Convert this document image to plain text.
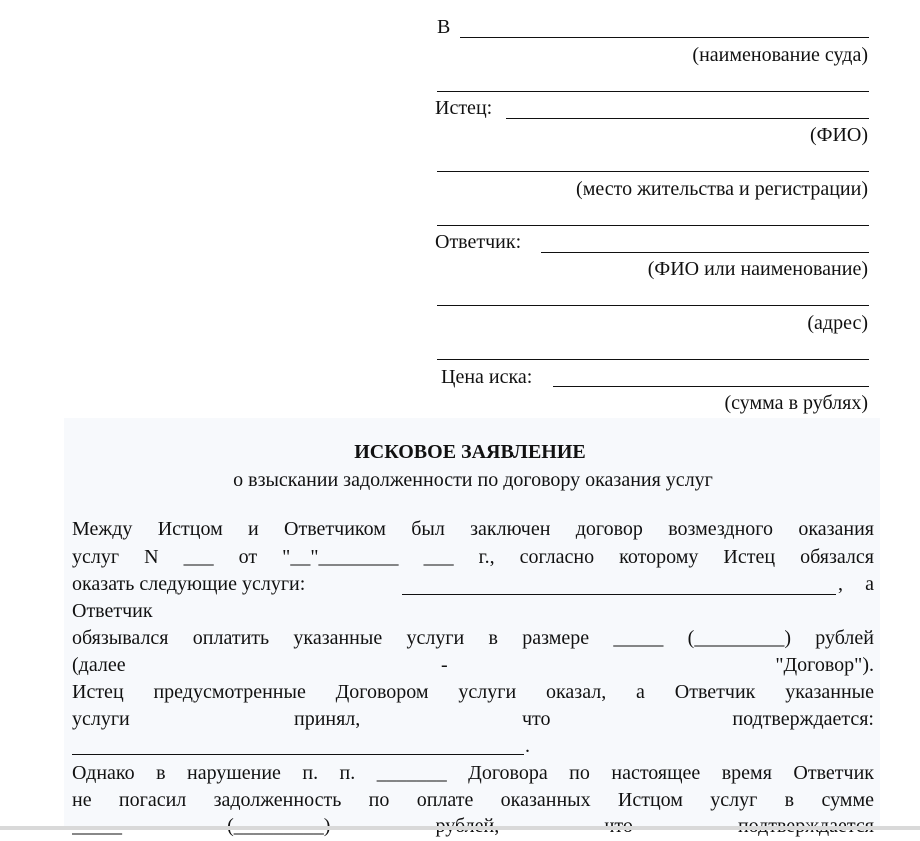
В
(наименование суда)
Истец:
(ФИО)
(место жительства и регистрации)
Ответчик:
(ФИО или наименование)
(адрес)
Цена иска:
(сумма в рублях)
ИСКОВОЕ ЗАЯВЛЕНИЕ
о взыскании задолженности по договору оказания услуг
Между Истцом и Ответчиком был заключен договор возмездного оказания
услуг N ___ от "__"________ ___ г., согласно которому Истец обязался
оказать следующие услуги:	, а
Ответчик
обязывался оплатить указанные услуги в размере _____ (_________) рублей
(далее	-	"Договор").
Истец предусмотренные Договором услуги оказал, а Ответчик указанные
услуги	принял,	что	подтверждается:
.
Однако в нарушение п. п. _______ Договора по настоящее время Ответчик
не погасил задолженность по оплате оказанных Истцом услуг в сумме
